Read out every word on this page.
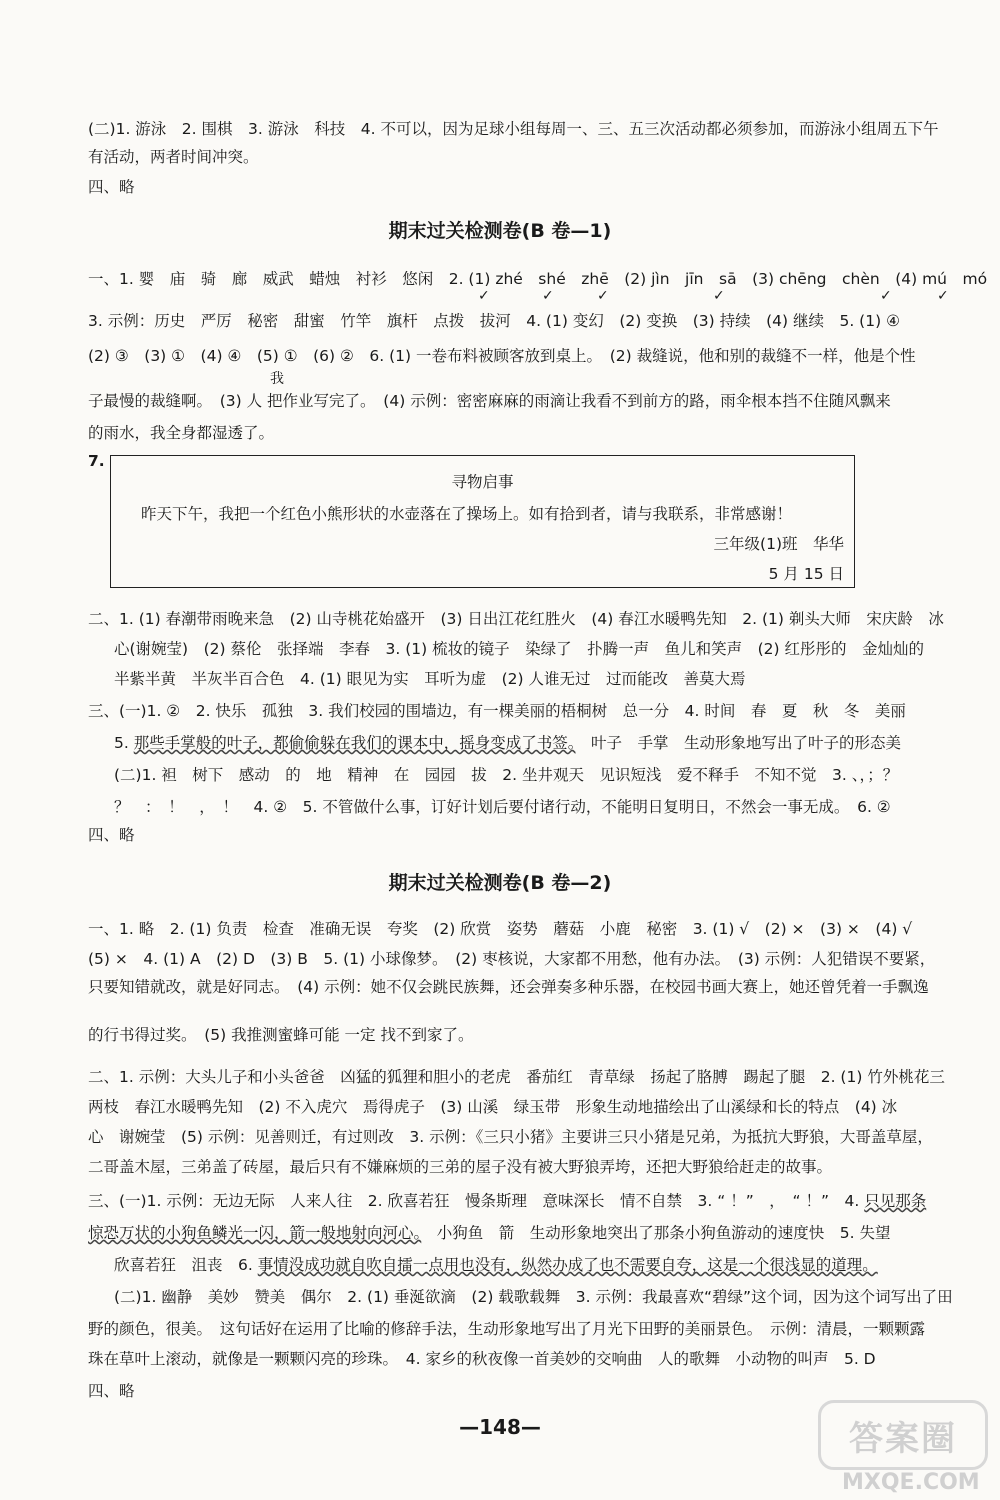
(二)1. 游泳　2. 围棋　3. 游泳　科技　4. 不可以，因为足球小组每周一、三、五三次活动都必须参加，而游泳小组周五下午
有活动，两者时间冲突。
四、略
期末过关检测卷(B 卷—1)
一、1. 婴　庙　骑　廊　威武　蜡烛　衬衫　悠闲　2. (1) zhé　shé　zhē　(2) jìn　jīn　sā　(3) chēng　chèn　(4) mú　mó
✓	✓	✓	✓	✓	✓
3. 示例：历史　严厉　秘密　甜蜜　竹竿　旗杆　点拨　拔河　4. (1) 变幻　(2) 变换　(3) 持续　(4) 继续　5. (1) ④
(2) ③　(3) ①　(4) ④　(5) ①　(6) ②　6. (1) 一卷布料被顾客放到桌上。　(2) 裁缝说，他和别的裁缝不一样，他是个性
我
子最慢的裁缝啊。　(3) 人 把作业写完了。　(4) 示例：密密麻麻的雨滴让我看不到前方的路，雨伞根本挡不住随风飘来
的雨水，我全身都湿透了。
7.
寻物启事
昨天下午，我把一个红色小熊形状的水壶落在了操场上。如有拾到者，请与我联系，非常感谢！
三年级(1)班　华华
5 月 15 日
二、1. (1) 春潮带雨晚来急　(2) 山寺桃花始盛开　(3) 日出江花红胜火　(4) 春江水暖鸭先知　2. (1) 剃头大师　宋庆龄　冰
心(谢婉莹)　(2) 蔡伦　张择端　李春　3. (1) 梳妆的镜子　染绿了　扑腾一声　鱼儿和笑声　(2) 红彤彤的　金灿灿的
半紫半黄　半灰半百合色　4. (1) 眼见为实　耳听为虚　(2) 人谁无过　过而能改　善莫大焉
三、(一)1. ②　2. 快乐　孤独　3. 我们校园的围墙边，有一棵美丽的梧桐树　总一分　4. 时间　春　夏　秋　冬　美丽
5. 那些手掌般的叶子，都偷偷躲在我们的课本中，摇身变成了书签。　叶子　手掌　生动形象地写出了叶子的形态美
(二)1. 袒　树下　感动　的　地　精神　在　园园　拔　2. 坐井观天　见识短浅　爱不释手　不知不觉　3. 、，；？
？　：　！　，　！　4. ②　5. 不管做什么事，订好计划后要付诸行动，不能明日复明日，不然会一事无成。　6. ②
四、略
期末过关检测卷(B 卷—2)
一、1. 略　2. (1) 负责　检查　准确无误　夸奖　(2) 欣赏　姿势　蘑菇　小鹿　秘密　3. (1) √　(2) ×　(3) ×　(4) √
(5) ×　4. (1) A　(2) D　(3) B　5. (1) 小球像梦。　(2) 枣核说，大家都不用愁，他有办法。　(3) 示例：人犯错误不要紧，
只要知错就改，就是好同志。　(4) 示例：她不仅会跳民族舞，还会弹奏多种乐器，在校园书画大赛上，她还曾凭着一手飘逸
的行书得过奖。　(5) 我推测蜜蜂可能 一定 找不到家了。
二、1. 示例：大头儿子和小头爸爸　凶猛的狐狸和胆小的老虎　番茄红　青草绿　扬起了胳膊　踢起了腿　2. (1) 竹外桃花三
两枝　春江水暖鸭先知　(2) 不入虎穴　焉得虎子　(3) 山溪　绿玉带　形象生动地描绘出了山溪绿和长的特点　(4) 冰
心　谢婉莹　(5) 示例：见善则迁，有过则改　3. 示例：《三只小猪》主要讲三只小猪是兄弟，为抵抗大野狼，大哥盖草屋，
二哥盖木屋，三弟盖了砖屋，最后只有不嫌麻烦的三弟的屋子没有被大野狼弄垮，还把大野狼给赶走的故事。
三、(一)1. 示例：无边无际　人来人往　2. 欣喜若狂　慢条斯理　意味深长　情不自禁　3. “ ！”　，　“ ！”　4. 只见那条
惊恐万状的小狗鱼鳞光一闪，箭一般地射向河心。　小狗鱼　箭　生动形象地突出了那条小狗鱼游动的速度快　5. 失望
欣喜若狂　沮丧　6. 事情没成功就自吹自擂一点用也没有，纵然办成了也不需要自夸，这是一个很浅显的道理。
(二)1. 幽静　美妙　赞美　偶尔　2. (1) 垂涎欲滴　(2) 载歌载舞　3. 示例：我最喜欢“碧绿”这个词，因为这个词写出了田
野的颜色，很美。　这句话好在运用了比喻的修辞手法，生动形象地写出了月光下田野的美丽景色。　示例：清晨，一颗颗露
珠在草叶上滚动，就像是一颗颗闪亮的珍珠。　4. 家乡的秋夜像一首美妙的交响曲　人的歌舞　小动物的叫声　5. D
四、略
—148—	答案圈
MXQE.COM
